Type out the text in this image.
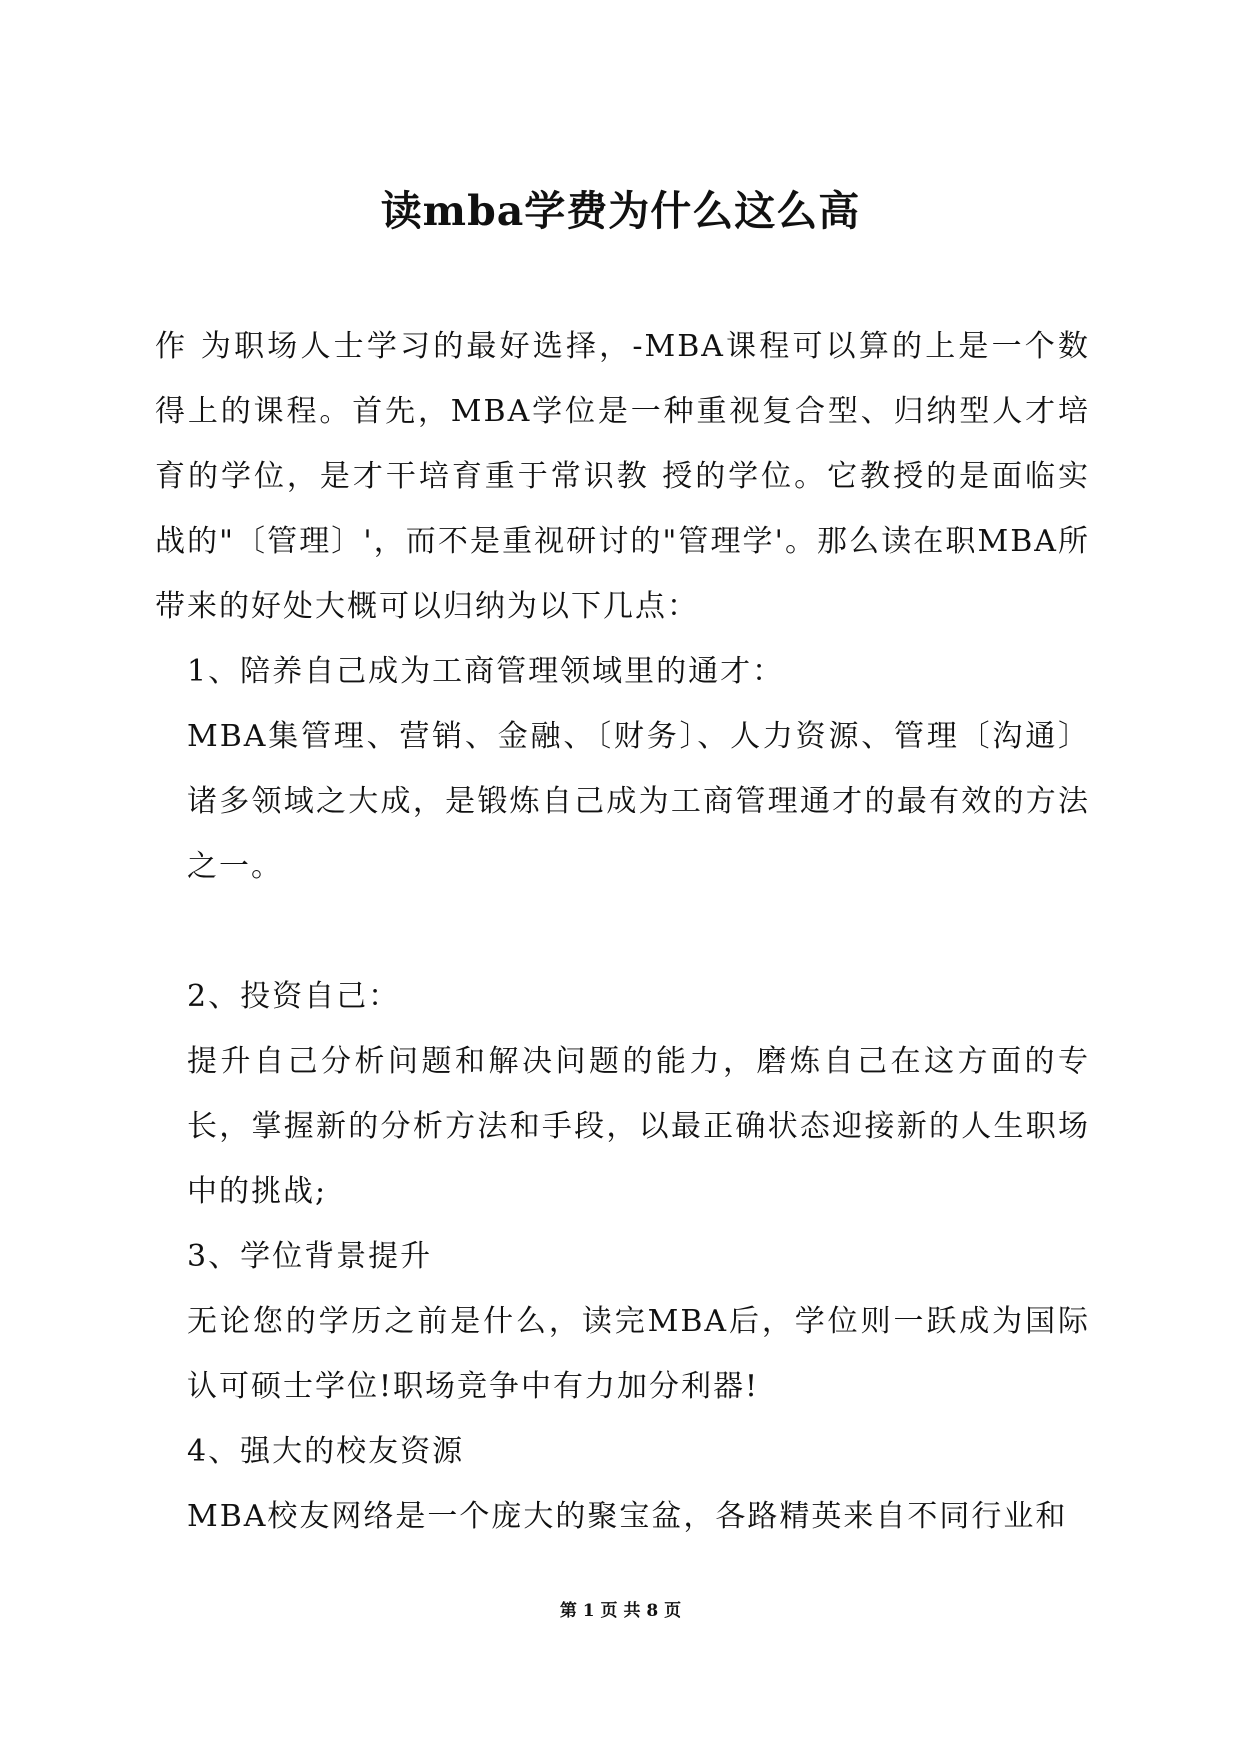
读mba学费为什么这么高

作 为职场人士学习的最好选择，-MBA课程可以算的上是一个数得上的课程。首先，MBA学位是一种重视复合型、归纳型人才培育的学位，是才干培育重于常识教 授的学位。它教授的是面临实战的"〔管理〕'，而不是重视研讨的"管理学'。那么读在职MBA所带来的好处大概可以归纳为以下几点：

1、陪养自己成为工商管理领域里的通才：

MBA集管理、营销、金融、〔财务〕、人力资源、管理〔沟通〕诸多领域之大成，是锻炼自己成为工商管理通才的最有效的方法之一。

2、投资自己：

提升自己分析问题和解决问题的能力，磨炼自己在这方面的专长，掌握新的分析方法和手段，以最正确状态迎接新的人生职场中的挑战;

3、学位背景提升

无论您的学历之前是什么，读完MBA后，学位则一跃成为国际认可硕士学位!职场竞争中有力加分利器!

4、强大的校友资源

MBA校友网络是一个庞大的聚宝盆，各路精英来自不同行业和

第 1 页 共 8 页
